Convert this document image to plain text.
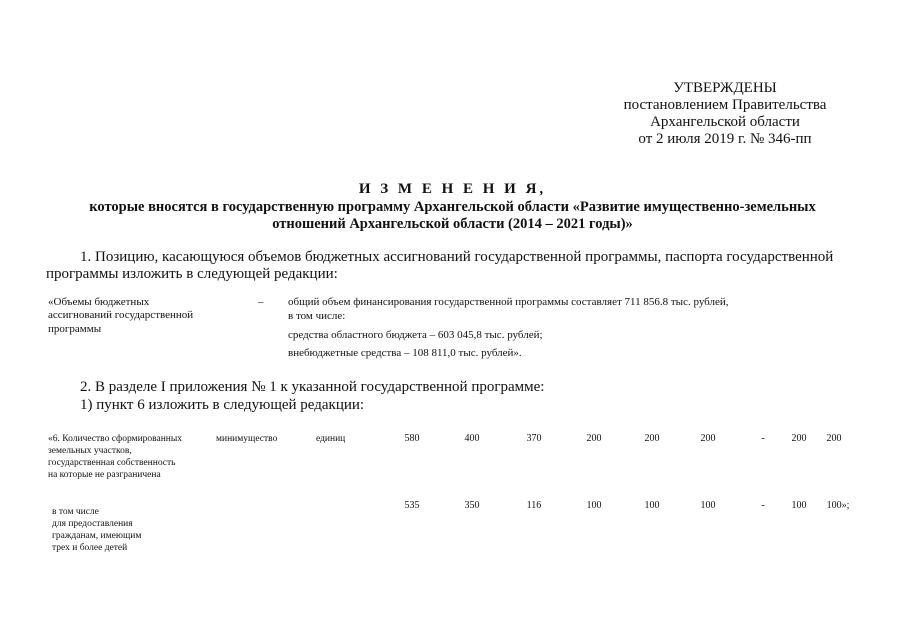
УТВЕРЖДЕНЫ
постановлением Правительства
Архангельской области
от 2 июля 2019 г. № 346-пп
И З М Е Н Е Н И Я,
которые вносятся в государственную программу Архангельской области «Развитие имущественно-земельных
отношений Архангельской области (2014 – 2021 годы)»
1. Позицию, касающуюся объемов бюджетных ассигнований государственной программы, паспорта государственной
программы изложить в следующей редакции:
«Объемы бюджетных
ассигнований государственной
программы
– общий объем финансирования государственной программы составляет 711 856.8 тыс. рублей,
в том числе:
средства областного бюджета – 603 045,8 тыс. рублей;
внебюджетные средства – 108 811,0 тыс. рублей».
2. В разделе I приложения № 1 к указанной государственной программе:
1) пункт 6 изложить в следующей редакции:
«6. Количество сформированных
земельных участков,
государственная собственность
на которые не разграничена
минимущество	единиц	580	400	370	200	200	200	-	200	200
в том числе
для предоставления
гражданам, имеющим
трех и более детей
535	350	116	100	100	100	-	100	100»;
